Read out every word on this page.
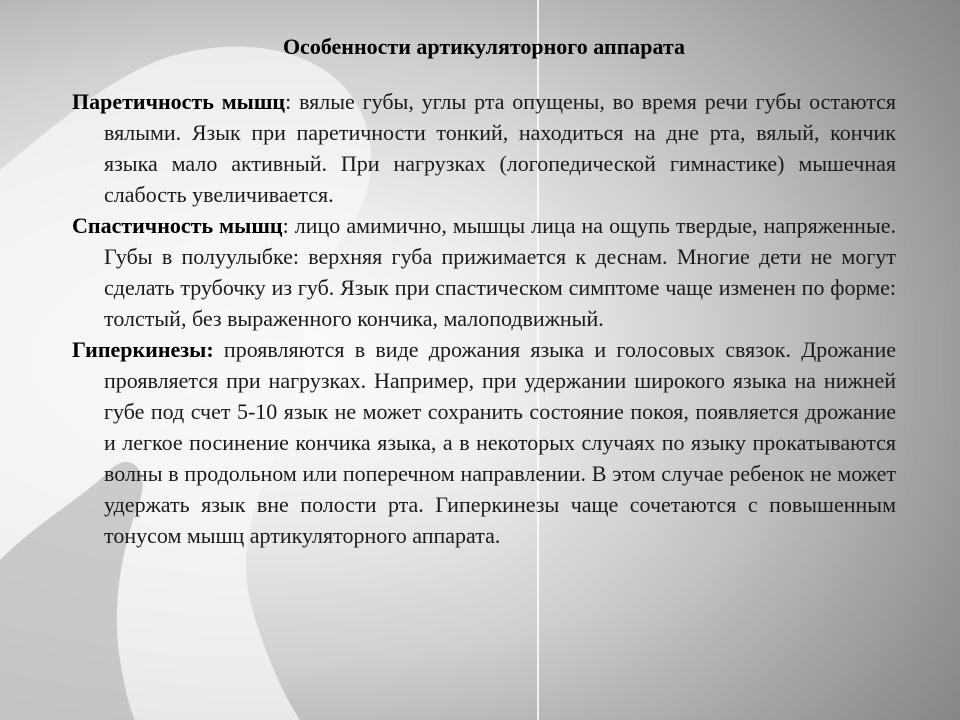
Особенности артикуляторного аппарата

Паретичность мышц: вялые губы, углы рта опущены, во время речи губы остаются вялыми. Язык при паретичности тонкий, находиться на дне рта, вялый, кончик языка мало активный. При нагрузках (логопедической гимнастике) мышечная слабость увеличивается.

Спастичность мышц: лицо амимично, мышцы лица на ощупь твердые, напряженные. Губы в полуулыбке: верхняя губа прижимается к деснам. Многие дети не могут сделать трубочку из губ. Язык при спастическом симптоме чаще изменен по форме: толстый, без выраженного кончика, малоподвижный.

Гиперкинезы: проявляются в виде дрожания языка и голосовых связок. Дрожание проявляется при нагрузках. Например, при удержании широкого языка на нижней губе под счет 5-10 язык не может сохранить состояние покоя, появляется дрожание и легкое посинение кончика языка, а в некоторых случаях по языку прокатываются волны в продольном или поперечном направлении. В этом случае ребенок не может удержать язык вне полости рта. Гиперкинезы чаще сочетаются с повышенным тонусом мышц артикуляторного аппарата.
